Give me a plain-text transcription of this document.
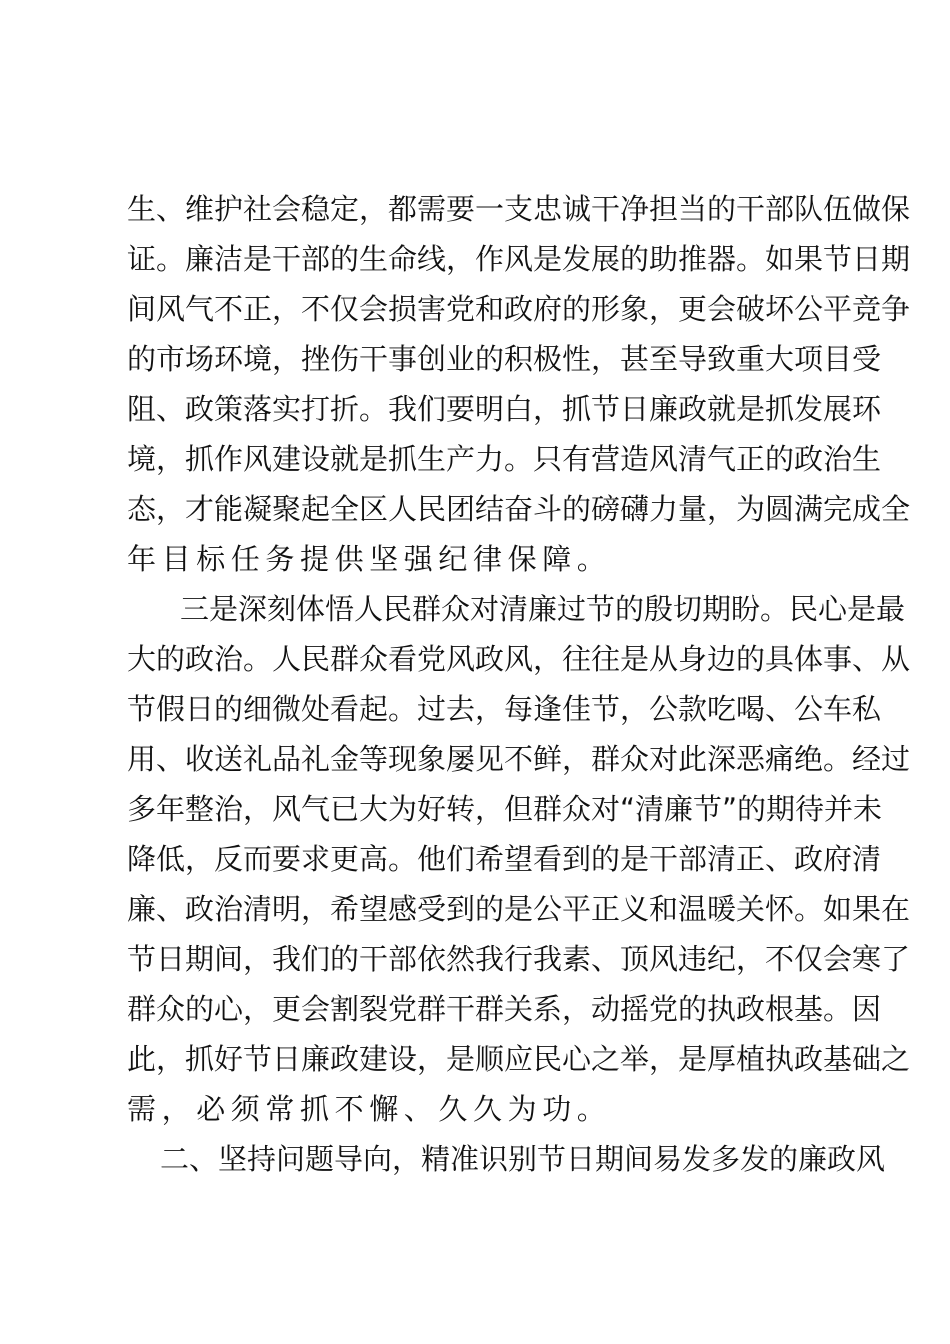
生、维护社会稳定，都需要一支忠诚干净担当的干部队伍做保
证。廉洁是干部的生命线，作风是发展的助推器。如果节日期
间风气不正，不仅会损害党和政府的形象，更会破坏公平竞争
的市场环境，挫伤干事创业的积极性，甚至导致重大项目受
阻、政策落实打折。我们要明白，抓节日廉政就是抓发展环
境，抓作风建设就是抓生产力。只有营造风清气正的政治生
态，才能凝聚起全区人民团结奋斗的磅礴力量，为圆满完成全
年目标任务提供坚强纪律保障。
三是深刻体悟人民群众对清廉过节的殷切期盼。民心是最
大的政治。人民群众看党风政风，往往是从身边的具体事、从
节假日的细微处看起。过去，每逢佳节，公款吃喝、公车私
用、收送礼品礼金等现象屡见不鲜，群众对此深恶痛绝。经过
多年整治，风气已大为好转，但群众对“清廉节”的期待并未
降低，反而要求更高。他们希望看到的是干部清正、政府清
廉、政治清明，希望感受到的是公平正义和温暖关怀。如果在
节日期间，我们的干部依然我行我素、顶风违纪，不仅会寒了
群众的心，更会割裂党群干群关系，动摇党的执政根基。因
此，抓好节日廉政建设，是顺应民心之举，是厚植执政基础之
需，必须常抓不懈、久久为功。
二、坚持问题导向，精准识别节日期间易发多发的廉政风
